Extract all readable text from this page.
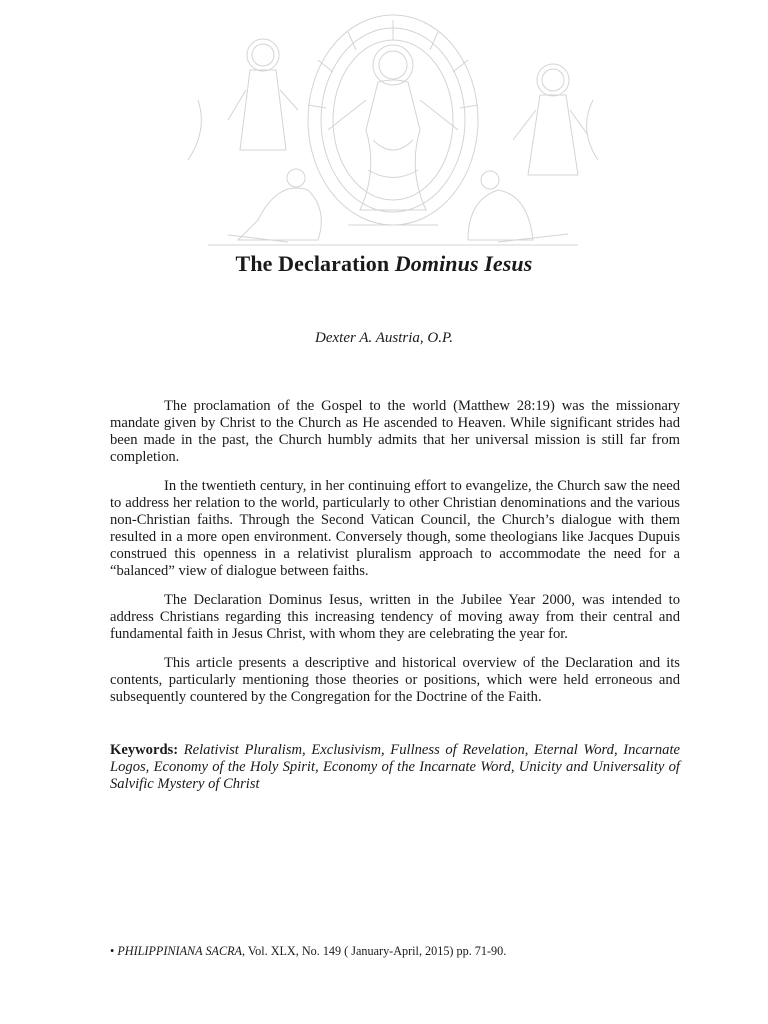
The Declaration Dominus Iesus

Dexter A. Austria, O.P.

The proclamation of the Gospel to the world (Matthew 28:19) was the missionary mandate given by Christ to the Church as He ascended to Heaven. While significant strides had been made in the past, the Church humbly admits that her universal mission is still far from completion.

In the twentieth century, in her continuing effort to evangelize, the Church saw the need to address her relation to the world, particularly to other Christian denominations and the various non-Christian faiths. Through the Second Vatican Council, the Church’s dialogue with them resulted in a more open environment. Conversely though, some theologians like Jacques Dupuis construed this openness in a relativist pluralism approach to accommodate the need for a “balanced” view of dialogue between faiths.

The Declaration Dominus Iesus, written in the Jubilee Year 2000, was intended to address Christians regarding this increasing tendency of moving away from their central and fundamental faith in Jesus Christ, with whom they are celebrating the year for.

This article presents a descriptive and historical overview of the Declaration and its contents, particularly mentioning those theories or positions, which were held erroneous and subsequently countered by the Congregation for the Doctrine of the Faith.

Keywords: Relativist Pluralism, Exclusivism, Fullness of Revelation, Eternal Word, Incarnate Logos, Economy of the Holy Spirit, Economy of the Incarnate Word, Unicity and Universality of Salvific Mystery of Christ

• PHILIPPINIANA SACRA, Vol. XLX, No. 149 ( January-April, 2015) pp. 71-90.
